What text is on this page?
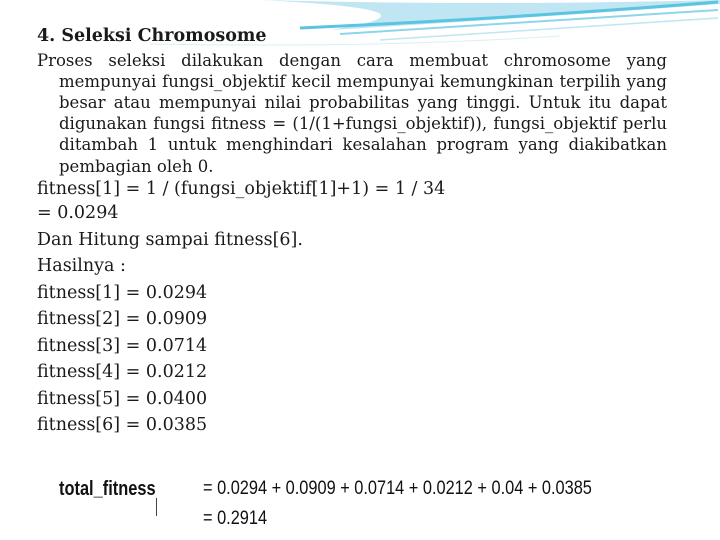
4. Seleksi Chromosome
Proses seleksi dilakukan dengan cara membuat chromosome yang mempunyai fungsi_objektif kecil mempunyai kemungkinan terpilih yang besar atau mempunyai nilai probabilitas yang tinggi. Untuk itu dapat digunakan fungsi fitness = (1/(1+fungsi_objektif)), fungsi_objektif perlu ditambah 1 untuk menghindari kesalahan program yang diakibatkan pembagian oleh 0.
fitness[1] = 1 / (fungsi_objektif[1]+1) = 1 / 34
= 0.0294
Dan Hitung sampai fitness[6].
Hasilnya :
fitness[1] = 0.0294
fitness[2] = 0.0909
fitness[3] = 0.0714
fitness[4] = 0.0212
fitness[5] = 0.0400
fitness[6] = 0.0385
total_fitness = 0.0294 + 0.0909 + 0.0714 + 0.0212 + 0.04 + 0.0385
= 0.2914
